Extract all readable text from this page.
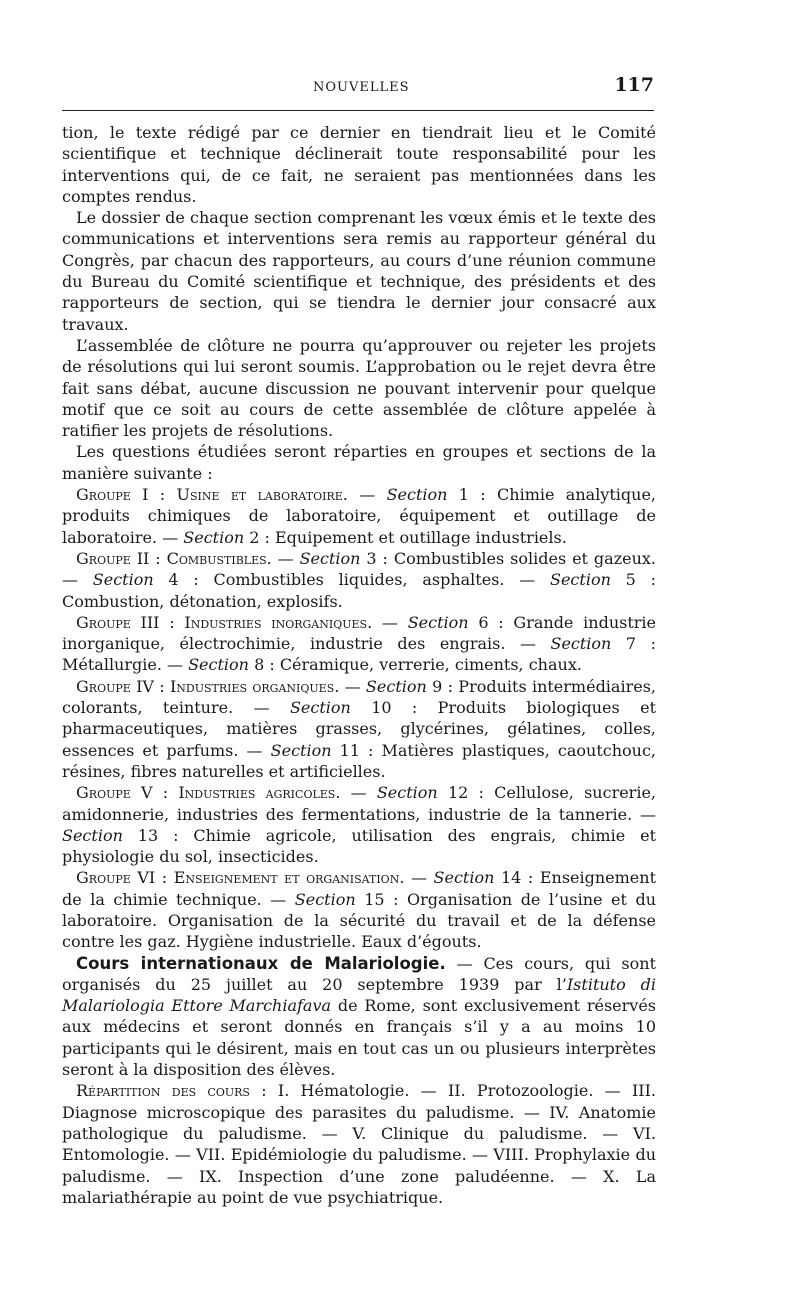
NOUVELLES	117

tion, le texte rédigé par ce dernier en tiendrait lieu et le Comité scientifique et technique déclinerait toute responsabilité pour les interventions qui, de ce fait, ne seraient pas mentionnées dans les comptes rendus.

Le dossier de chaque section comprenant les vœux émis et le texte des communications et interventions sera remis au rapporteur général du Congrès, par chacun des rapporteurs, au cours d’une réunion commune du Bureau du Comité scientifique et technique, des présidents et des rapporteurs de section, qui se tiendra le dernier jour consacré aux travaux.

L’assemblée de clôture ne pourra qu’approuver ou rejeter les projets de résolutions qui lui seront soumis. L’approbation ou le rejet devra être fait sans débat, aucune discussion ne pouvant intervenir pour quelque motif que ce soit au cours de cette assemblée de clôture appelée à ratifier les projets de résolutions.

Les questions étudiées seront réparties en groupes et sections de la manière suivante :

Groupe I : Usine et laboratoire. — Section 1 : Chimie analytique, produits chimiques de laboratoire, équipement et outillage de laboratoire. — Section 2 : Equipement et outillage industriels.

Groupe II : Combustibles. — Section 3 : Combustibles solides et gazeux. — Section 4 : Combustibles liquides, asphaltes. — Section 5 : Combustion, détonation, explosifs.

Groupe III : Industries inorganiques. — Section 6 : Grande industrie inorganique, électrochimie, industrie des engrais. — Section 7 : Métallurgie. — Section 8 : Céramique, verrerie, ciments, chaux.

Groupe IV : Industries organiques. — Section 9 : Produits intermédiaires, colorants, teinture. — Section 10 : Produits biologiques et pharmaceutiques, matières grasses, glycérines, gélatines, colles, essences et parfums. — Section 11 : Matières plastiques, caoutchouc, résines, fibres naturelles et artificielles.

Groupe V : Industries agricoles. — Section 12 : Cellulose, sucrerie, amidonnerie, industries des fermentations, industrie de la tannerie. — Section 13 : Chimie agricole, utilisation des engrais, chimie et physiologie du sol, insecticides.

Groupe VI : Enseignement et organisation. — Section 14 : Enseignement de la chimie technique. — Section 15 : Organisation de l’usine et du laboratoire. Organisation de la sécurité du travail et de la défense contre les gaz. Hygiène industrielle. Eaux d’égouts.

Cours internationaux de Malariologie. — Ces cours, qui sont organisés du 25 juillet au 20 septembre 1939 par l’Istituto di Malariologia Ettore Marchiafava de Rome, sont exclusivement réservés aux médecins et seront donnés en français s’il y a au moins 10 participants qui le désirent, mais en tout cas un ou plusieurs interprètes seront à la disposition des élèves.

Répartition des cours : I. Hématologie. — II. Protozoologie. — III. Diagnose microscopique des parasites du paludisme. — IV. Anatomie pathologique du paludisme. — V. Clinique du paludisme. — VI. Entomologie. — VII. Epidémiologie du paludisme. — VIII. Prophylaxie du paludisme. — IX. Inspection d’une zone paludéenne. — X. La malariathérapie au point de vue psychiatrique.
